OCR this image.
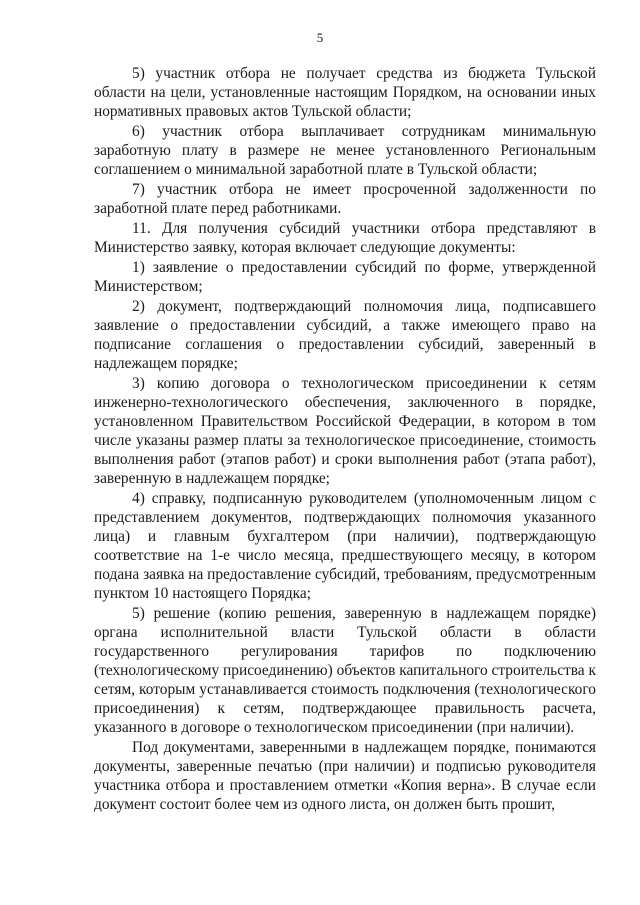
5

5) участник отбора не получает средства из бюджета Тульской области на цели, установленные настоящим Порядком, на основании иных нормативных правовых актов Тульской области;

6) участник отбора выплачивает сотрудникам минимальную заработную плату в размере не менее установленного Региональным соглашением о минимальной заработной плате в Тульской области;

7) участник отбора не имеет просроченной задолженности по заработной плате перед работниками.

11. Для получения субсидий участники отбора представляют в Министерство заявку, которая включает следующие документы:

1) заявление о предоставлении субсидий по форме, утвержденной Министерством;

2) документ, подтверждающий полномочия лица, подписавшего заявление о предоставлении субсидий, а также имеющего право на подписание соглашения о предоставлении субсидий, заверенный в надлежащем порядке;

3) копию договора о технологическом присоединении к сетям инженерно-технологического обеспечения, заключенного в порядке, установленном Правительством Российской Федерации, в котором в том числе указаны размер платы за технологическое присоединение, стоимость выполнения работ (этапов работ) и сроки выполнения работ (этапа работ), заверенную в надлежащем порядке;

4) справку, подписанную руководителем (уполномоченным лицом с представлением документов, подтверждающих полномочия указанного лица) и главным бухгалтером (при наличии), подтверждающую соответствие на 1-е число месяца, предшествующего месяцу, в котором подана заявка на предоставление субсидий, требованиям, предусмотренным пунктом 10 настоящего Порядка;

5) решение (копию решения, заверенную в надлежащем порядке) органа исполнительной власти Тульской области в области государственного регулирования тарифов по подключению (технологическому присоединению) объектов капитального строительства к сетям, которым устанавливается стоимость подключения (технологического присоединения) к сетям, подтверждающее правильность расчета, указанного в договоре о технологическом присоединении (при наличии).

Под документами, заверенными в надлежащем порядке, понимаются документы, заверенные печатью (при наличии) и подписью руководителя участника отбора и проставлением отметки «Копия верна». В случае если документ состоит более чем из одного листа, он должен быть прошит,
